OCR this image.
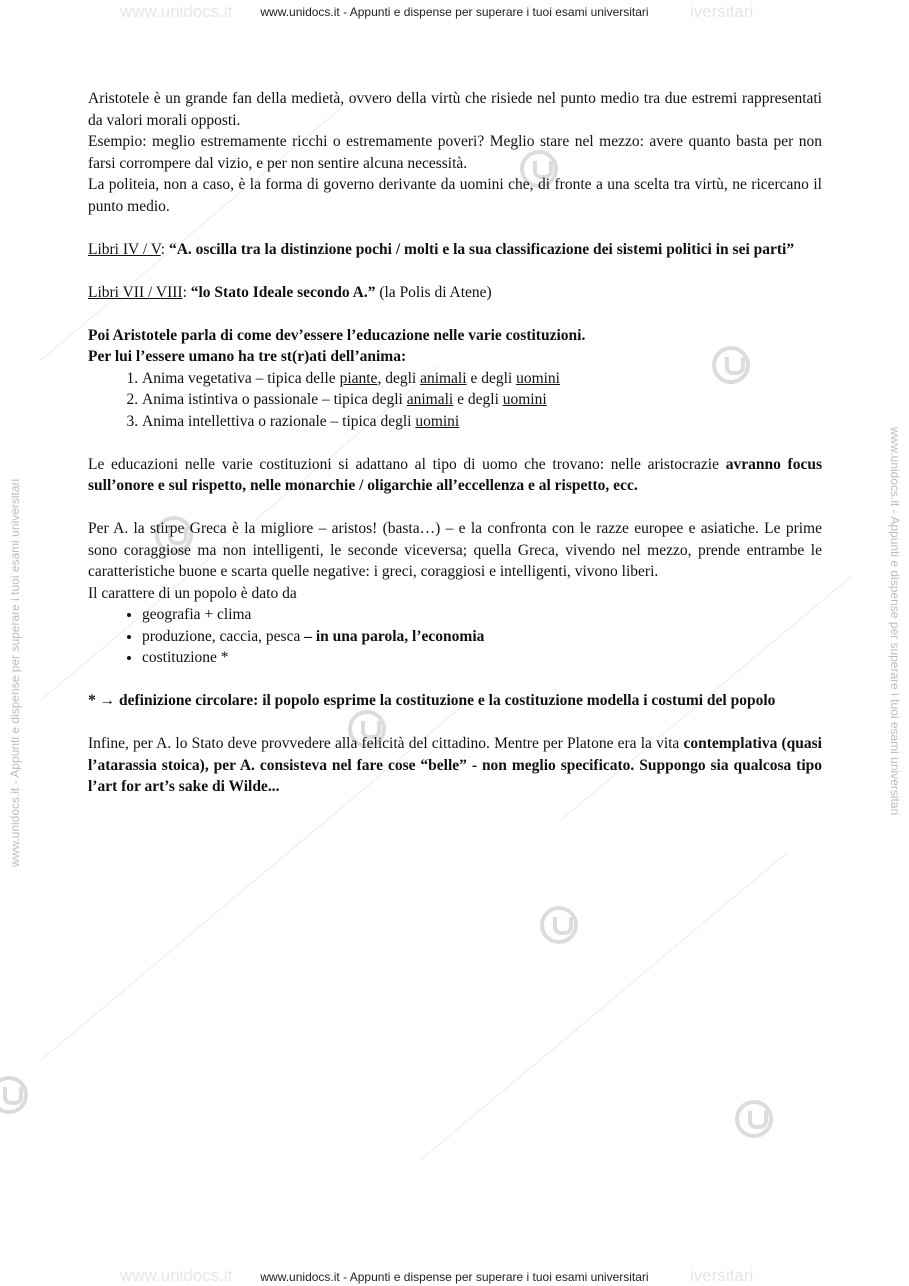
www.unidocs.it	iversitari
www.unidocs.it	iversitari
www.unidocs.it - Appunti e dispense per superare i tuoi esami universitari
www.unidocs.it - Appunti e dispense per superare i tuoi esami universitari
www.unidocs.it - Appunti e dispense per superare i tuoi esami universitari	www.unidocs.it - Appunti e dispense per superare i tuoi esami universitari

Aristotele è un grande fan della medietà, ovvero della virtù che risiede nel punto medio tra due estremi rappresentati da valori morali opposti.

Esempio: meglio estremamente ricchi o estremamente poveri? Meglio stare nel mezzo: avere quanto basta per non farsi corrompere dal vizio, e per non sentire alcuna necessità.

La politeia, non a caso, è la forma di governo derivante da uomini che, di fronte a una scelta tra virtù, ne ricercano il punto medio.

Libri IV / V: “A. oscilla tra la distinzione pochi / molti e la sua classificazione dei sistemi politici in sei parti”

Libri VII / VIII: “lo Stato Ideale secondo A.” (la Polis di Atene)

Poi Aristotele parla di come dev’essere l’educazione nelle varie costituzioni.

Per lui l’essere umano ha tre st(r)ati dell’anima:

1. Anima vegetativa – tipica delle piante, degli animali e degli uomini
2. Anima istintiva o passionale – tipica degli animali e degli uomini
3. Anima intellettiva o razionale – tipica degli uomini

Le educazioni nelle varie costituzioni si adattano al tipo di uomo che trovano: nelle aristocrazie avranno focus sull’onore e sul rispetto, nelle monarchie / oligarchie all’eccellenza e al rispetto, ecc.

Per A. la stirpe Greca è la migliore – aristos! (basta…) – e la confronta con le razze europee e asiatiche. Le prime sono coraggiose ma non intelligenti, le seconde viceversa; quella Greca, vivendo nel mezzo, prende entrambe le caratteristiche buone e scarta quelle negative: i greci, coraggiosi e intelligenti, vivono liberi.

Il carattere di un popolo è dato da

• geografia + clima
• produzione, caccia, pesca – in una parola, l’economia
• costituzione *

* → definizione circolare: il popolo esprime la costituzione e la costituzione modella i costumi del popolo

Infine, per A. lo Stato deve provvedere alla felicità del cittadino. Mentre per Platone era la vita contemplativa (quasi l’atarassia stoica), per A. consisteva nel fare cose “belle” - non meglio specificato. Suppongo sia qualcosa tipo l’art for art’s sake di Wilde...
